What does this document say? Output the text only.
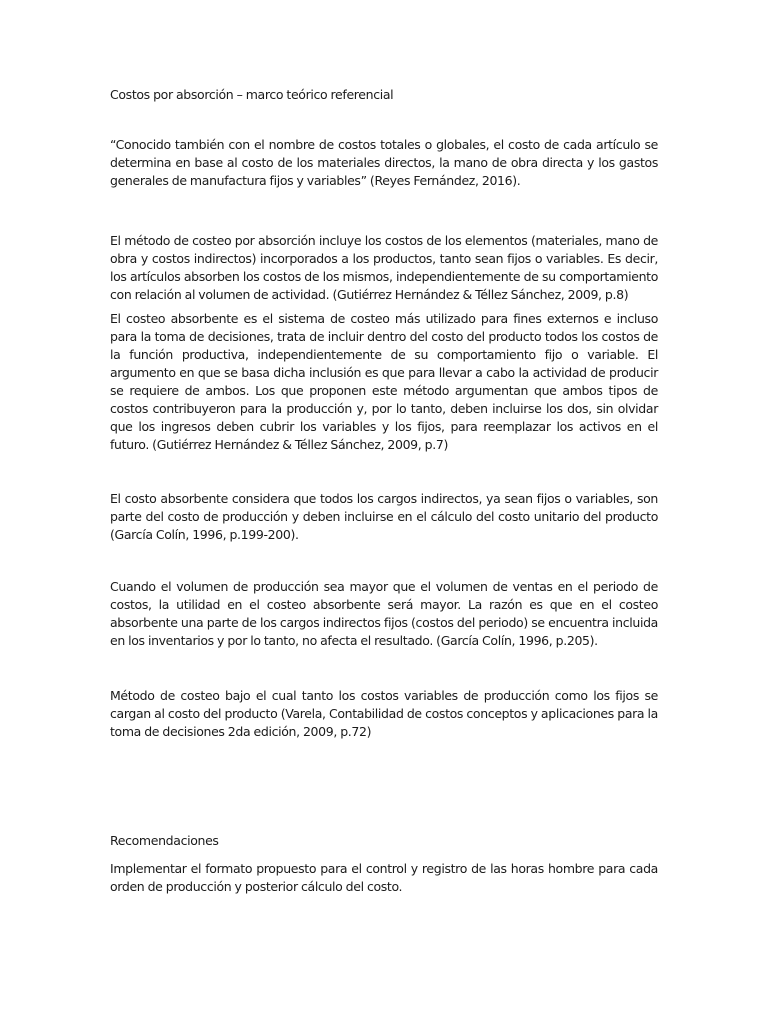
Costos por absorción – marco teórico referencial

“Conocido también con el nombre de costos totales o globales, el costo de cada artículo se determina en base al costo de los materiales directos, la mano de obra directa y los gastos generales de manufactura fijos y variables” (Reyes Fernández, 2016).

El método de costeo por absorción incluye los costos de los elementos (materiales, mano de obra y costos indirectos) incorporados a los productos, tanto sean fijos o variables. Es decir, los artículos absorben los costos de los mismos, independientemente de su comportamiento con relación al volumen de actividad. (Gutiérrez Hernández & Téllez Sánchez, 2009, p.8)

El costeo absorbente es el sistema de costeo más utilizado para fines externos e incluso para la toma de decisiones, trata de incluir dentro del costo del producto todos los costos de la función productiva, independientemente de su comportamiento fijo o variable. El argumento en que se basa dicha inclusión es que para llevar a cabo la actividad de producir se requiere de ambos. Los que proponen este método argumentan que ambos tipos de costos contribuyeron para la producción y, por lo tanto, deben incluirse los dos, sin olvidar que los ingresos deben cubrir los variables y los fijos, para reemplazar los activos en el futuro. (Gutiérrez Hernández & Téllez Sánchez, 2009, p.7)

El costo absorbente considera que todos los cargos indirectos, ya sean fijos o variables, son parte del costo de producción y deben incluirse en el cálculo del costo unitario del producto (García Colín, 1996, p.199-200).

Cuando el volumen de producción sea mayor que el volumen de ventas en el periodo de costos, la utilidad en el costeo absorbente será mayor. La razón es que en el costeo absorbente una parte de los cargos indirectos fijos (costos del periodo) se encuentra incluida en los inventarios y por lo tanto, no afecta el resultado. (García Colín, 1996, p.205).

Método de costeo bajo el cual tanto los costos variables de producción como los fijos se cargan al costo del producto (Varela, Contabilidad de costos conceptos y aplicaciones para la toma de decisiones 2da edición, 2009, p.72)

Recomendaciones

Implementar el formato propuesto para el control y registro de las horas hombre para cada orden de producción y posterior cálculo del costo.
